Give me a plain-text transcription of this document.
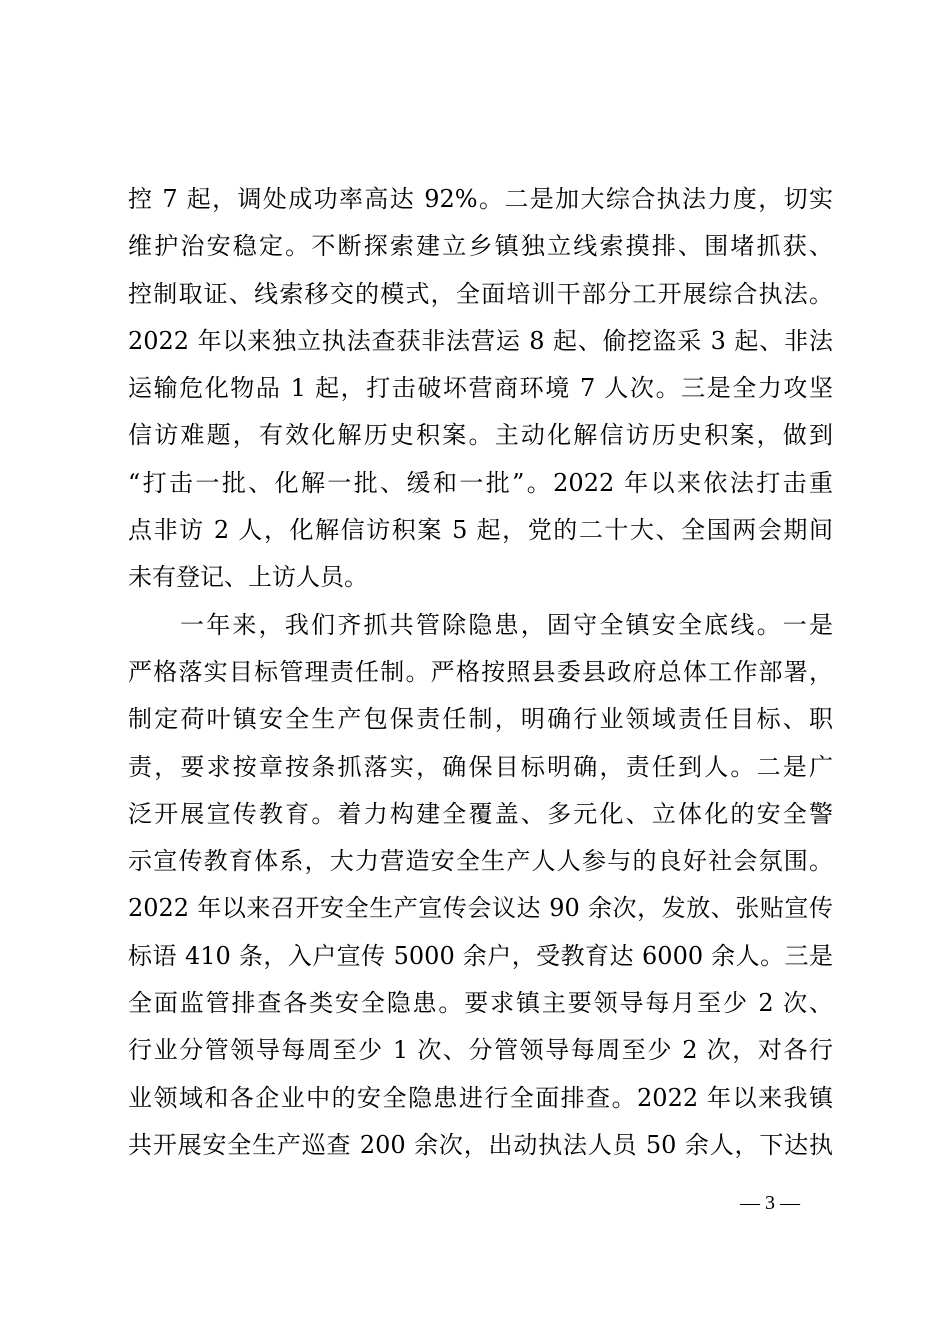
控 7 起，调处成功率高达 92%。二是加大综合执法力度，切实
维护治安稳定。不断探索建立乡镇独立线索摸排、围堵抓获、
控制取证、线索移交的模式，全面培训干部分工开展综合执法。
2022 年以来独立执法查获非法营运 8 起、偷挖盗采 3 起、非法
运输危化物品 1 起，打击破坏营商环境 7 人次。三是全力攻坚
信访难题，有效化解历史积案。主动化解信访历史积案，做到
“打击一批、化解一批、缓和一批”。2022 年以来依法打击重
点非访 2 人，化解信访积案 5 起，党的二十大、全国两会期间
未有登记、上访人员。
一年来，我们齐抓共管除隐患，固守全镇安全底线。一是
严格落实目标管理责任制。严格按照县委县政府总体工作部署，
制定荷叶镇安全生产包保责任制，明确行业领域责任目标、职
责，要求按章按条抓落实，确保目标明确，责任到人。二是广
泛开展宣传教育。着力构建全覆盖、多元化、立体化的安全警
示宣传教育体系，大力营造安全生产人人参与的良好社会氛围。
2022 年以来召开安全生产宣传会议达 90 余次，发放、张贴宣传
标语 410 条，入户宣传 5000 余户，受教育达 6000 余人。三是
全面监管排查各类安全隐患。要求镇主要领导每月至少 2 次、
行业分管领导每周至少 1 次、分管领导每周至少 2 次，对各行
业领域和各企业中的安全隐患进行全面排查。2022 年以来我镇
共开展安全生产巡查 200 余次，出动执法人员 50 余人，下达执
— 3 —
